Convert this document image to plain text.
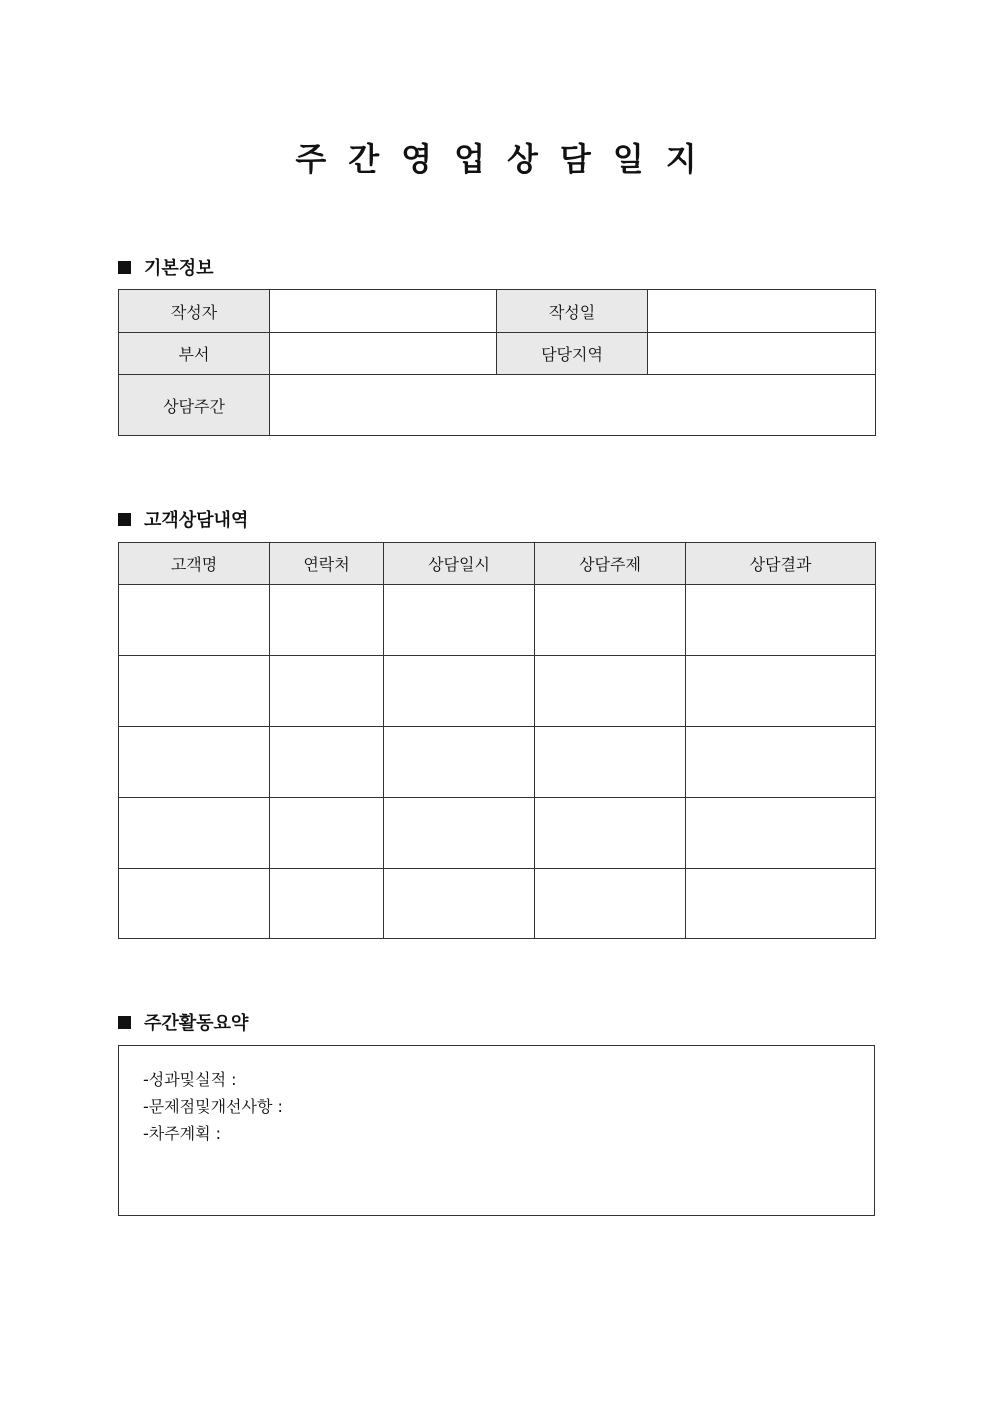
주간영업상담일지
기본정보
작성자		작성일	
부서		담당지역	
상담주간			
고객상담내역
고객명	연락처	상담일시	상담주제	상담결과

주간활동요약
-성과및실적 :
-문제점및개선사항 :
-차주계획 :
